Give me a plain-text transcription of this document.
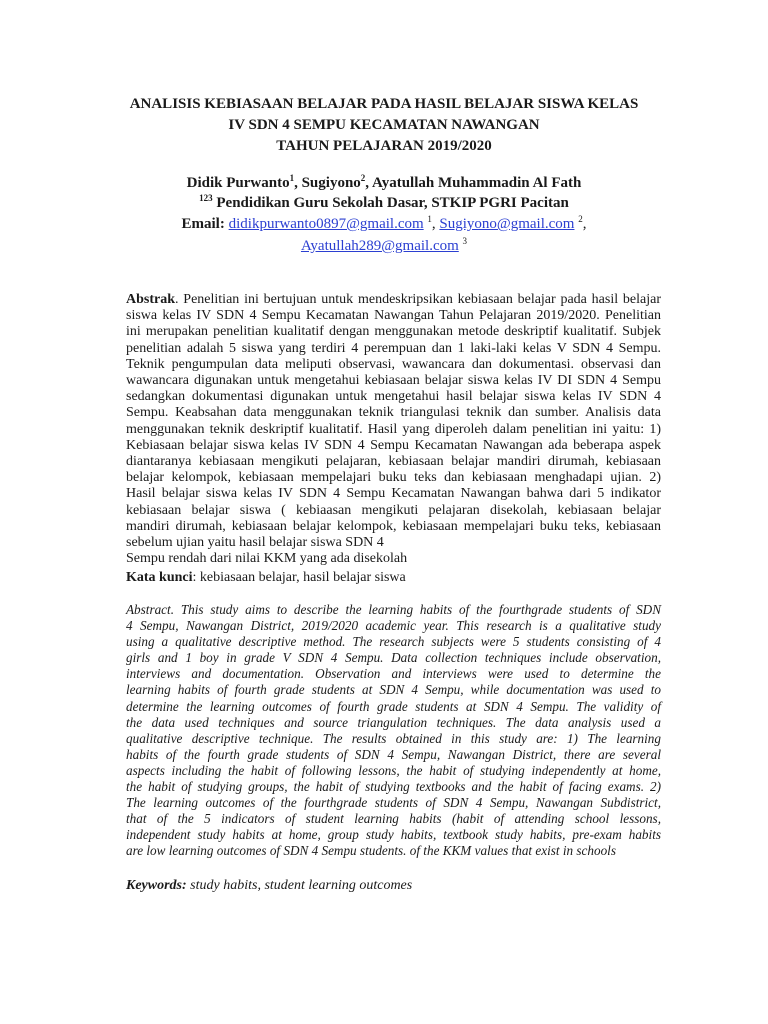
ANALISIS KEBIASAAN BELAJAR PADA HASIL BELAJAR SISWA KELAS
IV SDN 4 SEMPU KECAMATAN NAWANGAN
TAHUN PELAJARAN 2019/2020
Didik Purwanto$^1$, Sugiyono$^2$, Ayatullah Muhammadin Al Fath
$^{123}$ Pendidikan Guru Sekolah Dasar, STKIP PGRI Pacitan
Email: didikpurwanto0897@gmail.com $^1$, Sugiyono@gmail.com $^2$,
Ayatullah289@gmail.com $^3$
Abstrak. Penelitian ini bertujuan untuk mendeskripsikan kebiasaan belajar pada hasil belajar
siswa kelas IV SDN 4 Sempu Kecamatan Nawangan Tahun Pelajaran 2019/2020. Penelitian
ini merupakan penelitian kualitatif dengan menggunakan metode deskriptif kualitatif. Subjek
penelitian adalah 5 siswa yang terdiri 4 perempuan dan 1 laki-laki kelas V SDN 4 Sempu.
Teknik pengumpulan data meliputi observasi, wawancara dan dokumentasi. observasi dan
wawancara digunakan untuk mengetahui kebiasaan belajar siswa kelas IV DI SDN 4 Sempu
sedangkan dokumentasi digunakan untuk mengetahui hasil belajar siswa kelas IV SDN 4
Sempu. Keabsahan data menggunakan teknik triangulasi teknik dan sumber. Analisis data
menggunakan teknik deskriptif kualitatif. Hasil yang diperoleh dalam penelitian ini yaitu: 1)
Kebiasaan belajar siswa kelas IV SDN 4 Sempu Kecamatan Nawangan ada beberapa aspek
diantaranya kebiasaan mengikuti pelajaran, kebiasaan belajar mandiri dirumah, kebiasaan
belajar kelompok, kebiasaan mempelajari buku teks dan kebiasaan menghadapi ujian. 2)
Hasil belajar siswa kelas IV SDN 4 Sempu Kecamatan Nawangan bahwa dari 5 indikator
kebiasaan belajar siswa ( kebiaasan mengikuti pelajaran disekolah, kebiasaan belajar
mandiri dirumah, kebiasaan belajar kelompok, kebiasaan mempelajari buku teks, kebiasaan
sebelum ujian yaitu hasil belajar siswa SDN 4
Sempu rendah dari nilai KKM yang ada disekolah

Kata kunci: kebiasaan belajar, hasil belajar siswa

Abstract. This study aims to describe the learning habits of the fourthgrade students of SDN
4 Sempu, Nawangan District, 2019/2020 academic year. This research is a qualitative study
using a qualitative descriptive method. The research subjects were 5 students consisting of 4
girls and 1 boy in grade V SDN 4 Sempu. Data collection techniques include observation,
interviews and documentation. Observation and interviews were used to determine the
learning habits of fourth grade students at SDN 4 Sempu, while documentation was used to
determine the learning outcomes of fourth grade students at SDN 4 Sempu. The validity of
the data used techniques and source triangulation techniques. The data analysis used a
qualitative descriptive technique. The results obtained in this study are: 1) The learning
habits of the fourth grade students of SDN 4 Sempu, Nawangan District, there are several
aspects including the habit of following lessons, the habit of studying independently at home,
the habit of studying groups, the habit of studying textbooks and the habit of facing exams. 2)
The learning outcomes of the fourthgrade students of SDN 4 Sempu, Nawangan Subdistrict,
that of the 5 indicators of student learning habits (habit of attending school lessons,
independent study habits at home, group study habits, textbook study habits, pre-exam habits
are low learning outcomes of SDN 4 Sempu students. of the KKM values that exist in schools

Keywords: study habits, student learning outcomes
